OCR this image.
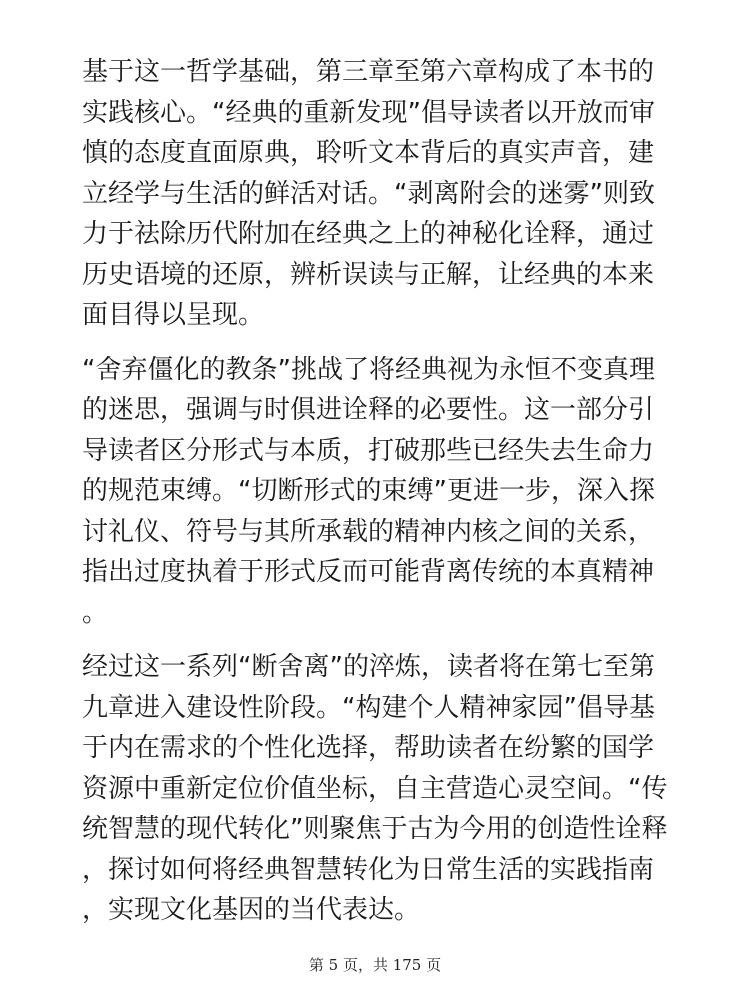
基于这一哲学基础，第三章至第六章构成了本书的实践核心。“经典的重新发现”倡导读者以开放而审慎的态度直面原典，聆听文本背后的真实声音，建立经学与生活的鲜活对话。“剥离附会的迷雾”则致力于祛除历代附加在经典之上的神秘化诠释，通过历史语境的还原，辨析误读与正解，让经典的本来面目得以呈现。

“舍弃僵化的教条”挑战了将经典视为永恒不变真理的迷思，强调与时俱进诠释的必要性。这一部分引导读者区分形式与本质，打破那些已经失去生命力的规范束缚。“切断形式的束缚”更进一步，深入探讨礼仪、符号与其所承载的精神内核之间的关系，指出过度执着于形式反而可能背离传统的本真精神。

经过这一系列“断舍离”的淬炼，读者将在第七至第九章进入建设性阶段。“构建个人精神家园”倡导基于内在需求的个性化选择，帮助读者在纷繁的国学资源中重新定位价值坐标，自主营造心灵空间。“传统智慧的现代转化”则聚焦于古为今用的创造性诠释，探讨如何将经典智慧转化为日常生活的实践指南，实现文化基因的当代表达。

第 5 页，共 175 页
